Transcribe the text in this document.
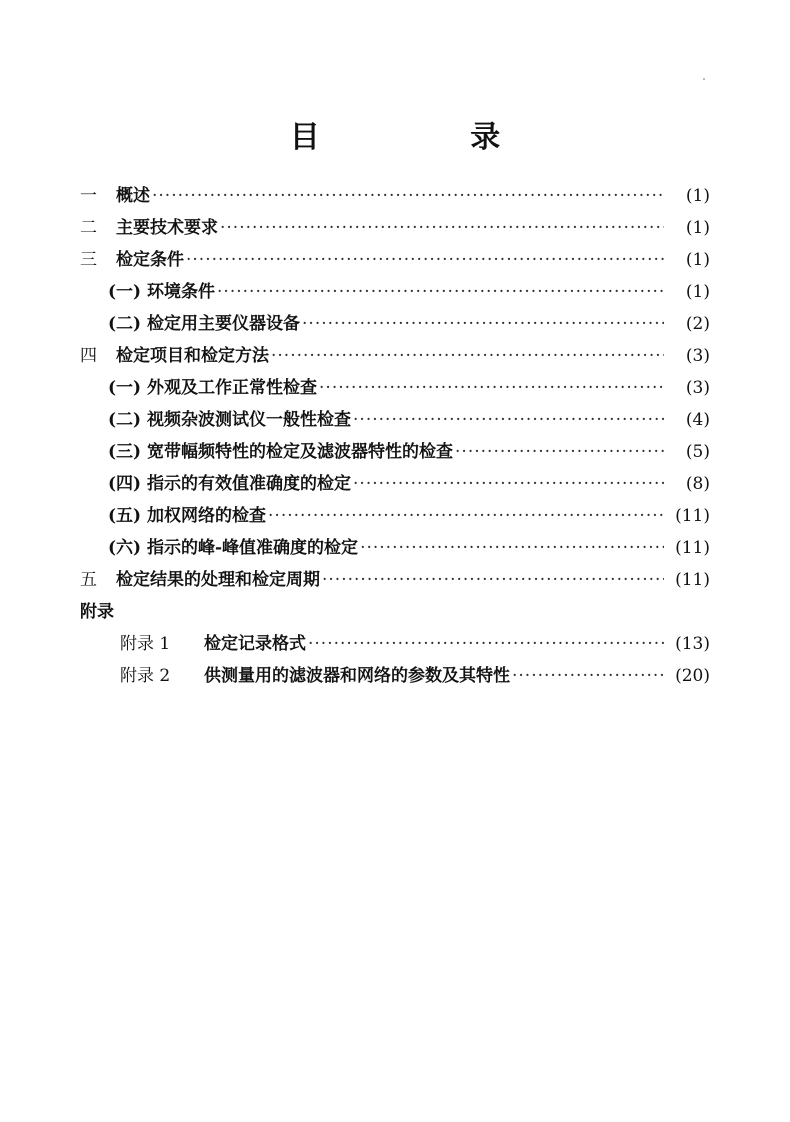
目 录
一	概述 ·····	(1)
二	主要技术要求 ·····	(1)
三	检定条件 ·····	(1)
(一) 环境条件 ·····	(1)
(二) 检定用主要仪器设备 ·····	(2)
四	检定项目和检定方法 ·····	(3)
(一) 外观及工作正常性检查 ·····	(3)
(二) 视频杂波测试仪一般性检查 ·····	(4)
(三) 宽带幅频特性的检定及滤波器特性的检查 ·····	(5)
(四) 指示的有效值准确度的检定 ·····	(8)
(五) 加权网络的检查 ·····	(11)
(六) 指示的峰-峰值准确度的检定 ·····	(11)
五	检定结果的处理和检定周期 ·····	(11)
附录
附录 1	检定记录格式 ·····	(13)
附录 2	供测量用的滤波器和网络的参数及其特性 ·····	(20)
